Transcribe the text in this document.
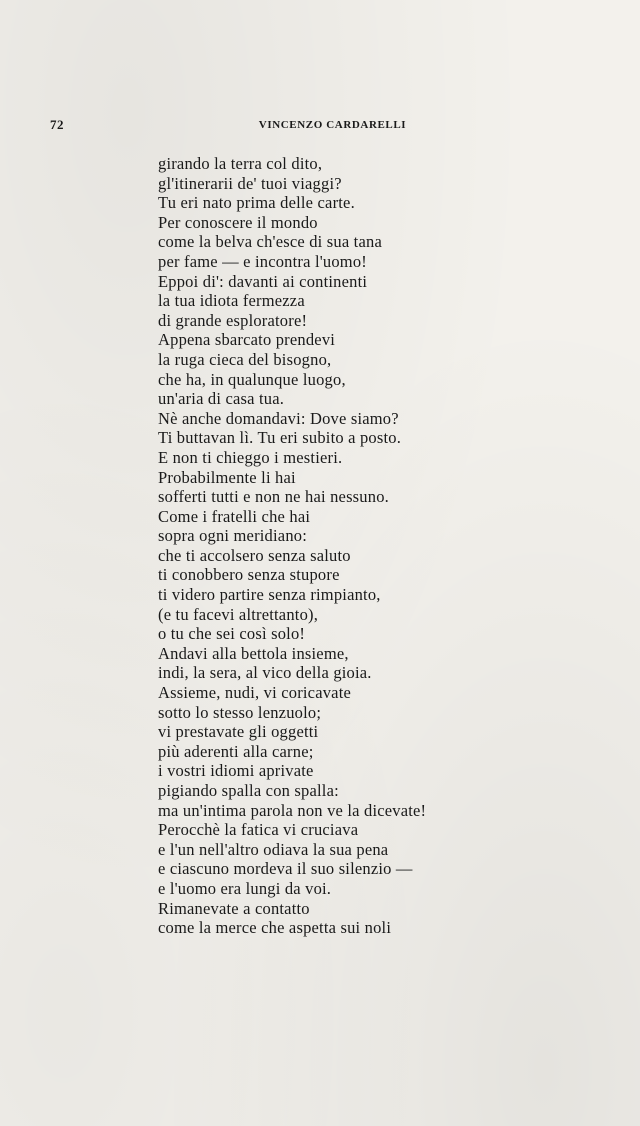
72	VINCENZO CARDARELLI
girando la terra col dito,
gl'itinerarii de' tuoi viaggi?
Tu eri nato prima delle carte.
Per conoscere il mondo
come la belva ch'esce di sua tana
per fame — e incontra l'uomo!
Eppoi di': davanti ai continenti
la tua idiota fermezza
di grande esploratore!
Appena sbarcato prendevi
la ruga cieca del bisogno,
che ha, in qualunque luogo,
un'aria di casa tua.
Nè anche domandavi: Dove siamo?
Ti buttavan lì. Tu eri subito a posto.
E non ti chieggo i mestieri.
Probabilmente li hai
sofferti tutti e non ne hai nessuno.
Come i fratelli che hai
sopra ogni meridiano:
che ti accolsero senza saluto
ti conobbero senza stupore
ti videro partire senza rimpianto,
(e tu facevi altrettanto),
o tu che sei così solo!
Andavi alla bettola insieme,
indi, la sera, al vico della gioia.
Assieme, nudi, vi coricavate
sotto lo stesso lenzuolo;
vi prestavate gli oggetti
più aderenti alla carne;
i vostri idiomi aprivate
pigiando spalla con spalla:
ma un'intima parola non ve la dicevate!
Perocchè la fatica vi cruciava
e l'un nell'altro odiava la sua pena
e ciascuno mordeva il suo silenzio —
e l'uomo era lungi da voi.
Rimanevate a contatto
come la merce che aspetta sui noli
